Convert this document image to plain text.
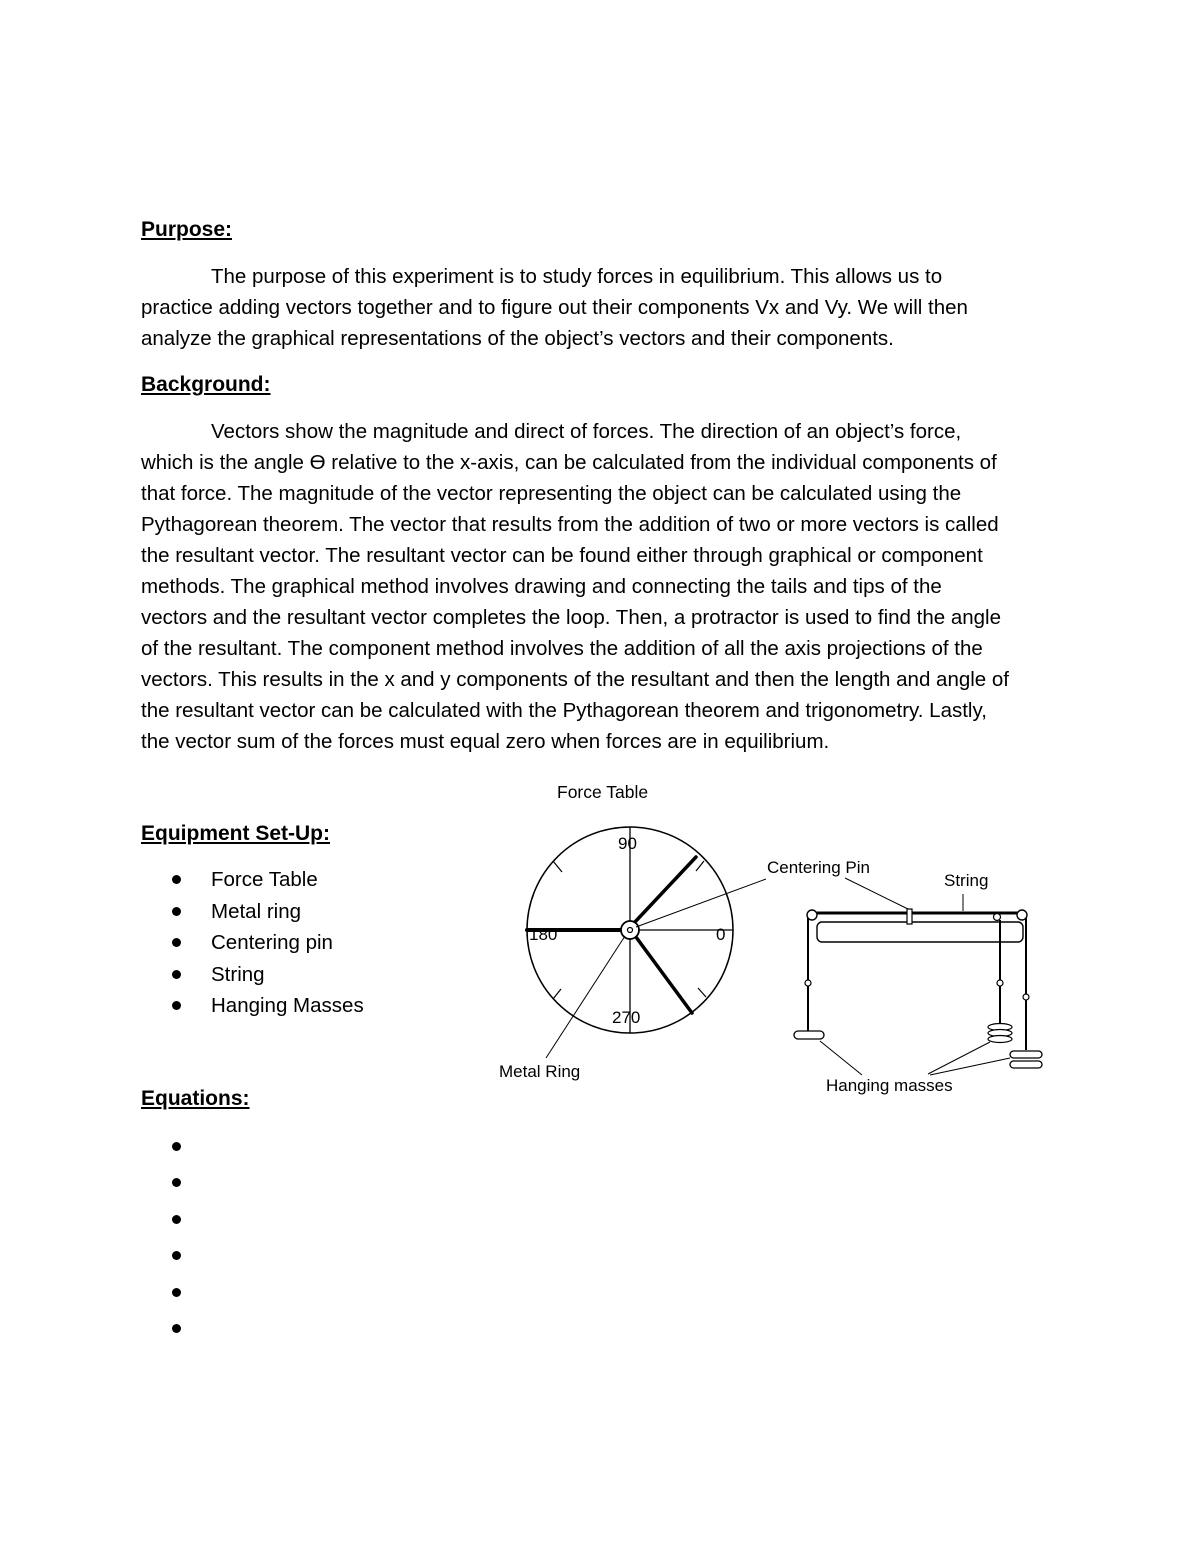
Purpose:
The purpose of this experiment is to study forces in equilibrium. This allows us to
practice adding vectors together and to figure out their components Vx and Vy. We will then
analyze the graphical representations of the object’s vectors and their components.
Background:
Vectors show the magnitude and direct of forces. The direction of an object’s force,
which is the angle Ɵ relative to the x-axis, can be calculated from the individual components of
that force. The magnitude of the vector representing the object can be calculated using the
Pythagorean theorem. The vector that results from the addition of two or more vectors is called
the resultant vector. The resultant vector can be found either through graphical or component
methods. The graphical method involves drawing and connecting the tails and tips of the
vectors and the resultant vector completes the loop. Then, a protractor is used to find the angle
of the resultant. The component method involves the addition of all the axis projections of the
vectors. This results in the x and y components of the resultant and then the length and angle of
the resultant vector can be calculated with the Pythagorean theorem and trigonometry. Lastly,
the vector sum of the forces must equal zero when forces are in equilibrium.
Equipment Set-Up:
Force Table
Metal ring
Centering pin
String
Hanging Masses
Force Table
90
180	0
270
Centering Pin
String
Metal Ring
Hanging masses
Equations:
